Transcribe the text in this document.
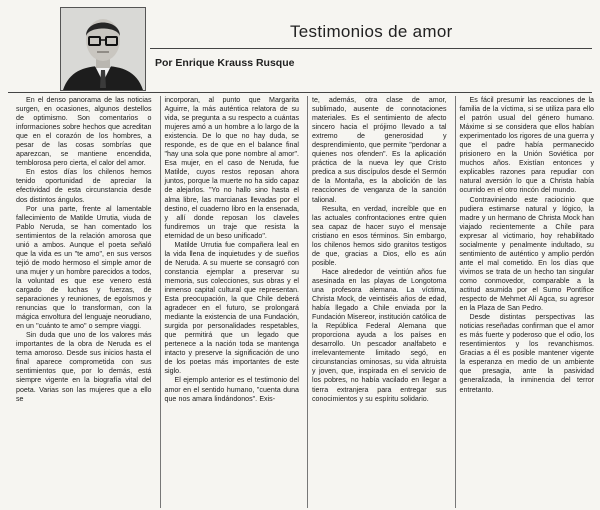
Testimonios de amor
Por Enrique Krauss Rusque

En el denso panorama de las noticias surgen, en ocasiones, algunos destellos de optimismo. Son comentarios o informaciones sobre hechos que acreditan que en el corazón de los hombres, a pesar de las cosas sombrías que aparezcan, se mantiene encendida, temblorosa pero cierta, el calor del amor.

En estos días los chilenos hemos tenido oportunidad de apreciar la efectividad de esta circunstancia desde dos distintos ángulos.

Por una parte, frente al lamentable fallecimiento de Matilde Urrutia, viuda de Pablo Neruda, se han comentado los sentimientos de la relación amorosa que unió a ambos. Aunque el poeta señaló que la vida es un "te amo", en sus versos tejió de modo hermoso el simple amor de una mujer y un hombre parecidos a todos, la voluntad es que ese venero está cargado de luchas y fuerzas, de separaciones y reuniones, de egoísmos y renuncias que lo transforman, con la mágica envoltura del lenguaje neorudiano, en un "cuánto te amo" o sempre viaggi.

Sin duda que uno de los valores más importantes de la obra de Neruda es el tema amoroso. Desde sus inicios hasta el final aparece comprometida con sus sentimientos que, por lo demás, está siempre vigente en la biografía vital del poeta. Varias son las mujeres que a ello se

incorporan, al punto que Margarita Aguirre, la más auténtica relatora de su vida, se pregunta a su respecto a cuántas mujeres amó a un hombre a lo largo de la existencia. De lo que no hay duda, se responde, es de que en el balance final "hay una sola que pone nombre al amor". Esa mujer, en el caso de Neruda, fue Matilde, cuyos restos reposan ahora juntos, porque la muerte no ha sido capaz de alejarlos. "Yo no hallo sino hasta el alma libre, las marcianas llevadas por el destino, el cuaderno libro en la ensenada, y allí donde reposan los claveles fundiremos un traje que resista la eternidad de un beso unificado".

Matilde Urrutia fue compañera leal en la vida llena de inquietudes y de sueños de Neruda. A su muerte se consagró con constancia ejemplar a preservar su memoria, sus colecciones, sus obras y el inmenso capital cultural que representan. Esta preocupación, la que Chile deberá agradecer en el futuro, se prolongará mediante la existencia de una Fundación, surgida por personalidades respetables, que permitirá que un legado que pertenece a la nación toda se mantenga intacto y preserve la significación de uno de los poetas más importantes de este siglo.

El ejemplo anterior es el testimonio del amor en el sentido humano, "cuenta duna que nos amara lindándonos". Exis-

te, además, otra clase de amor, sublimado, ausente de connotaciones materiales. Es el sentimiento de afecto sincero hacia el prójimo llevado a tal extremo de generosidad y desprendimiento, que permite "perdonar a quienes nos ofenden". Es la aplicación práctica de la nueva ley que Cristo predica a sus discípulos desde el Sermón de la Montaña, es la abolición de las reacciones de venganza de la sanción talional.

Resulta, en verdad, increíble que en las actuales confrontaciones entre quien sea capaz de hacer suyo el mensaje cristiano en esos términos. Sin embargo, los chilenos hemos sido granitos testigos de que, gracias a Dios, ello es aún posible.

Hace alrededor de veintiún años fue asesinada en las playas de Longotoma una profesora alemana. La víctima, Christa Mock, de veintiséis años de edad, había llegado a Chile enviada por la Fundación Misereor, institución católica de la República Federal Alemana que proporciona ayuda a los países en desarrollo. Un pescador analfabeto e irrelevantemente limitado segó, en circunstancias ominosas, su vida altruista y joven, que, inspirada en el servicio de los pobres, no había vacilado en llegar a tierra extranjera para entregar sus conocimientos y su espíritu solidario.

Es fácil presumir las reacciones de la familia de la víctima, si se utiliza para ello el patrón usual del género humano. Máxime si se considera que ellos habían experimentado los rigores de una guerra y que el padre había permanecido prisionero en la Unión Soviética por muchos años. Existían entonces y explicables razones para repudiar con natural aversión lo que a Christa había ocurrido en el otro rincón del mundo.

Contraviniendo este raciocinio que pudiera estimarse natural y lógico, la madre y un hermano de Christa Mock han viajado recientemente a Chile para expresar al victimario, hoy rehabilitado socialmente y penalmente indultado, su sentimiento de auténtico y amplio perdón ante el mal cometido. En los días que vivimos se trata de un hecho tan singular como conmovedor, comparable a la actitud asumida por el Sumo Pontífice respecto de Mehmet Alí Agca, su agresor en la Plaza de San Pedro.

Desde distintas perspectivas las noticias reseñadas confirman que el amor es más fuerte y poderoso que el odio, los resentimientos y los revanchismos. Gracias a él es posible mantener vigente la esperanza en medio de un ambiente que presagia, ante la pasividad generalizada, la inminencia del terror entretanto.
